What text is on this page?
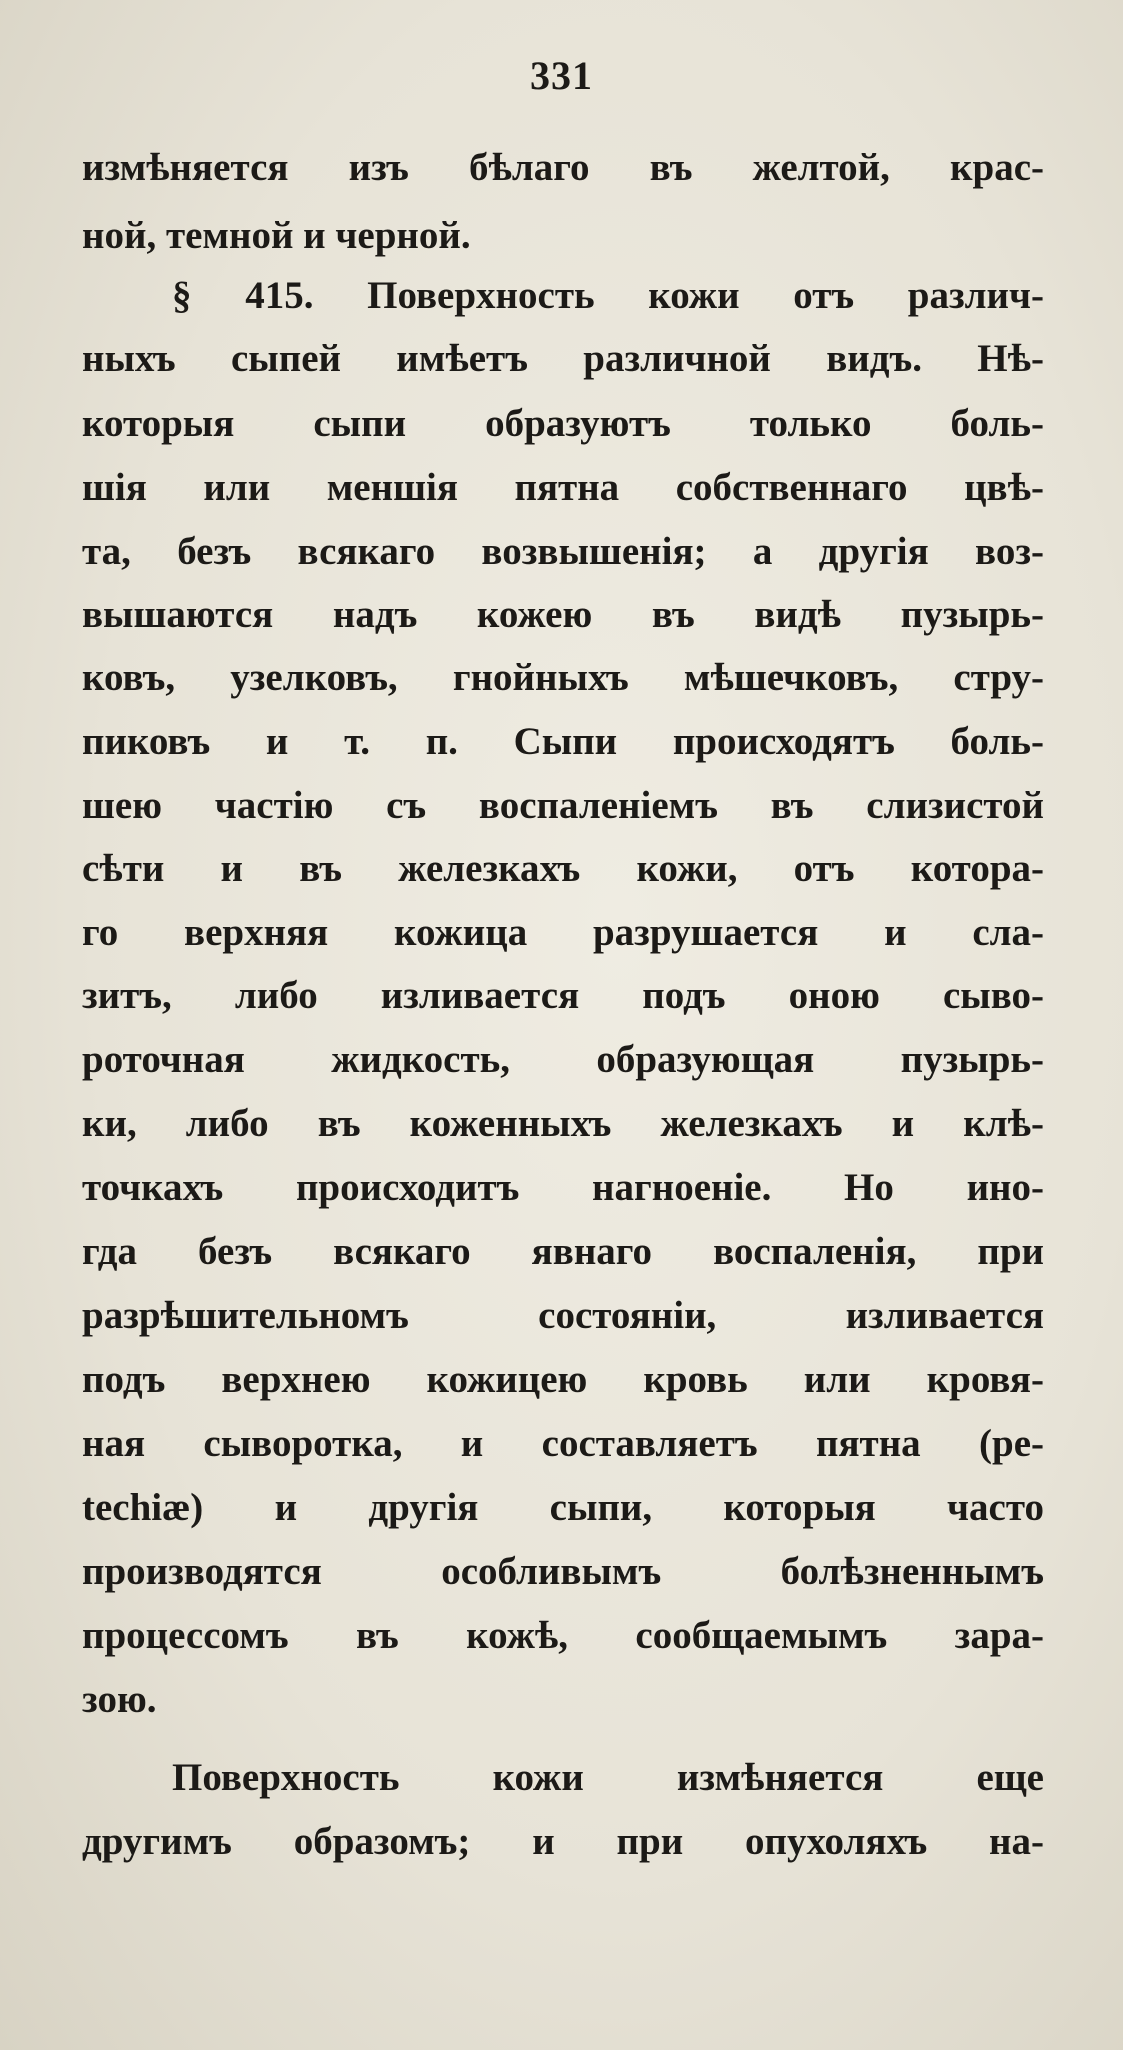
331
измѣняется изъ бѣлаго въ желтой, крас-
ной, темной и черной.
§ 415. Поверхность кожи отъ различ-
ныхъ сыпей имѣетъ различной видъ. Нѣ-
которыя сыпи образуютъ только боль-
шія или меншія пятна собственнаго цвѣ-
та, безъ всякаго возвышенія; а другія воз-
вышаются надъ кожею въ видѣ пузырь-
ковъ, узелковъ, гнойныхъ мѣшечковъ, стру-
пиковъ и т. п. Сыпи происходятъ боль-
шею частію съ воспаленіемъ въ слизистой
сѣти и въ железкахъ кожи, отъ котора-
го верхняя кожица разрушается и сла-
зитъ, либо изливается подъ оною сыво-
роточная жидкость, образующая пузырь-
ки, либо въ коженныхъ железкахъ и клѣ-
точкахъ происходитъ нагноеніе. Но ино-
гда безъ всякаго явнаго воспаленія, при
разрѣшительномъ состояніи, изливается
подъ верхнею кожицею кровь или кровя-
ная сыворотка, и составляетъ пятна (pe-
techiæ) и другія сыпи, которыя часто
производятся особливымъ болѣзненнымъ
процессомъ въ кожѣ, сообщаемымъ зара-
зою.
Поверхность кожи измѣняется еще
другимъ образомъ; и при опухоляхъ на-
